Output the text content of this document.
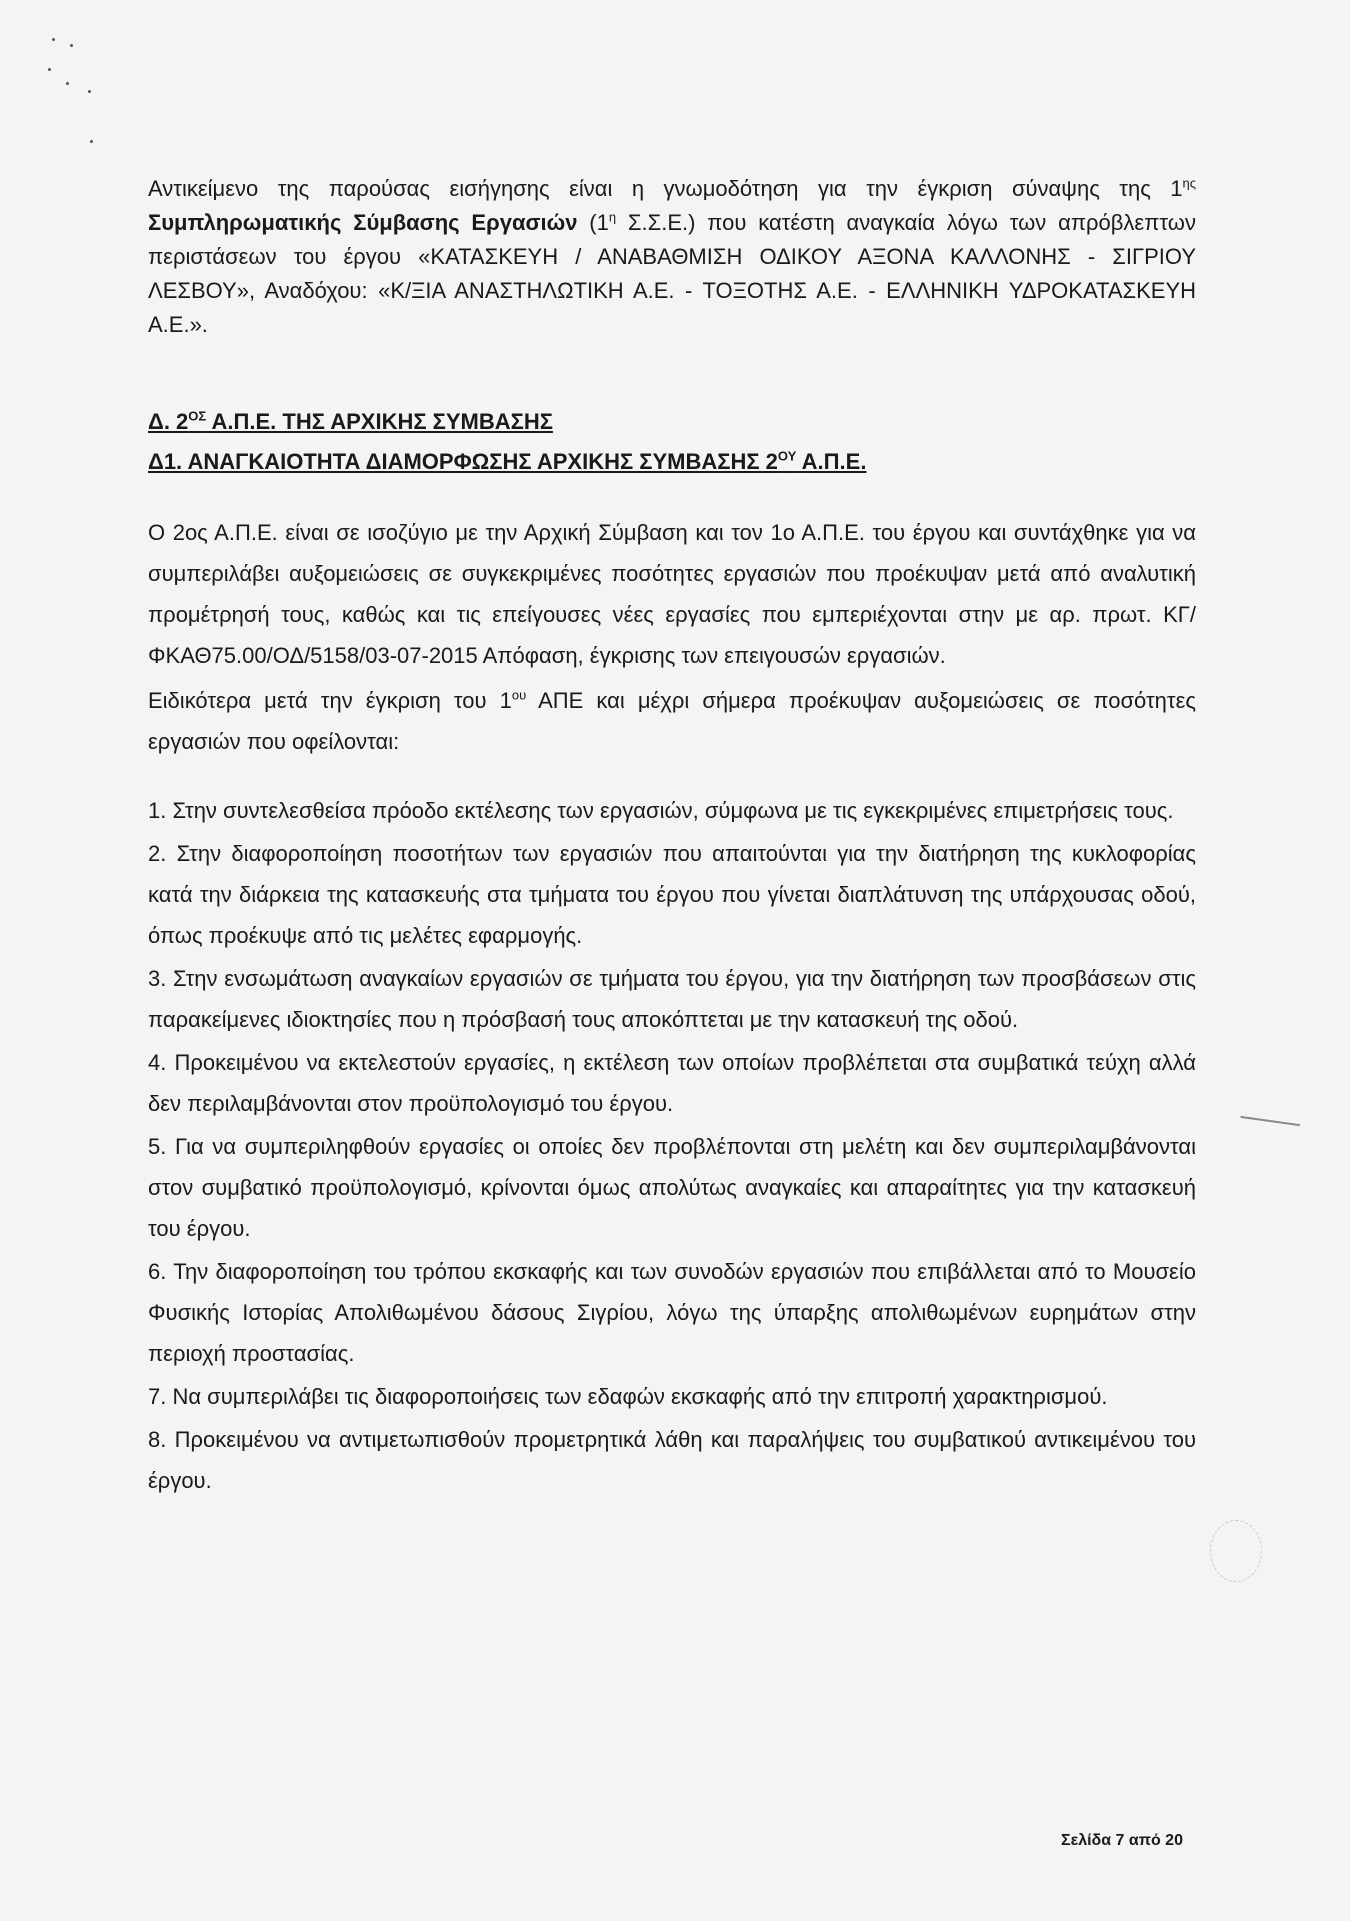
Αντικείμενο της παρούσας εισήγησης είναι η γνωμοδότηση για την έγκριση σύναψης της $1^{\eta\varsigma}$ Συμπληρωματικής Σύμβασης Εργασιών ($1^\eta$ Σ.Σ.Ε.) που κατέστη αναγκαία λόγω των απρόβλεπτων περιστάσεων του έργου «ΚΑΤΑΣΚΕΥΗ / ΑΝΑΒΑΘΜΙΣΗ ΟΔΙΚΟΥ ΑΞΟΝΑ ΚΑΛΛΟΝΗΣ - ΣΙΓΡΙΟΥ ΛΕΣΒΟΥ», Αναδόχου: «Κ/ΞΙΑ ΑΝΑΣΤΗΛΩΤΙΚΗ Α.Ε. - ΤΟΞΟΤΗΣ Α.Ε. - ΕΛΛΗΝΙΚΗ ΥΔΡΟΚΑΤΑΣΚΕΥΗ Α.Ε.».

Δ. $2^{O\Sigma}$ Α.Π.Ε. ΤΗΣ ΑΡΧΙΚΗΣ ΣΥΜΒΑΣΗΣ

Δ1. ΑΝΑΓΚΑΙΟΤΗΤΑ ΔΙΑΜΟΡΦΩΣΗΣ ΑΡΧΙΚΗΣ ΣΥΜΒΑΣΗΣ $2^{O\Upsilon}$ Α.Π.Ε.

Ο 2ος Α.Π.Ε. είναι σε ισοζύγιο με την Αρχική Σύμβαση και τον 1ο Α.Π.Ε. του έργου και συντάχθηκε για να συμπεριλάβει αυξομειώσεις σε συγκεκριμένες ποσότητες εργασιών που προέκυψαν μετά από αναλυτική προμέτρησή τους, καθώς και τις επείγουσες νέες εργασίες που εμπεριέχονται στην με αρ. πρωτ. ΚΓ/ΦΚΑΘ75.00/ΟΔ/5158/03-07-2015 Απόφαση, έγκρισης των επειγουσών εργασιών.

Ειδικότερα μετά την έγκριση του $1^{o\upsilon}$ ΑΠΕ και μέχρι σήμερα προέκυψαν αυξομειώσεις σε ποσότητες εργασιών που οφείλονται:

1. Στην συντελεσθείσα πρόοδο εκτέλεσης των εργασιών, σύμφωνα με τις εγκεκριμένες επιμετρήσεις τους.
2. Στην διαφοροποίηση ποσοτήτων των εργασιών που απαιτούνται για την διατήρηση της κυκλοφορίας κατά την διάρκεια της κατασκευής στα τμήματα του έργου που γίνεται διαπλάτυνση της υπάρχουσας οδού, όπως προέκυψε από τις μελέτες εφαρμογής.
3. Στην ενσωμάτωση αναγκαίων εργασιών σε τμήματα του έργου, για την διατήρηση των προσβάσεων στις παρακείμενες ιδιοκτησίες που η πρόσβασή τους αποκόπτεται με την κατασκευή της οδού.
4. Προκειμένου να εκτελεστούν εργασίες, η εκτέλεση των οποίων προβλέπεται στα συμβατικά τεύχη αλλά δεν περιλαμβάνονται στον προϋπολογισμό του έργου.
5. Για να συμπεριληφθούν εργασίες οι οποίες δεν προβλέπονται στη μελέτη και δεν συμπεριλαμβάνονται στον συμβατικό προϋπολογισμό, κρίνονται όμως απολύτως αναγκαίες και απαραίτητες για την κατασκευή του έργου.
6. Την διαφοροποίηση του τρόπου εκσκαφής και των συνοδών εργασιών που επιβάλλεται από το Μουσείο Φυσικής Ιστορίας Απολιθωμένου δάσους Σιγρίου, λόγω της ύπαρξης απολιθωμένων ευρημάτων στην περιοχή προστασίας.
7. Να συμπεριλάβει τις διαφοροποιήσεις των εδαφών εκσκαφής από την επιτροπή χαρακτηρισμού.
8. Προκειμένου να αντιμετωπισθούν προμετρητικά λάθη και παραλήψεις του συμβατικού αντικειμένου του έργου.
Σελίδα 7 από 20
